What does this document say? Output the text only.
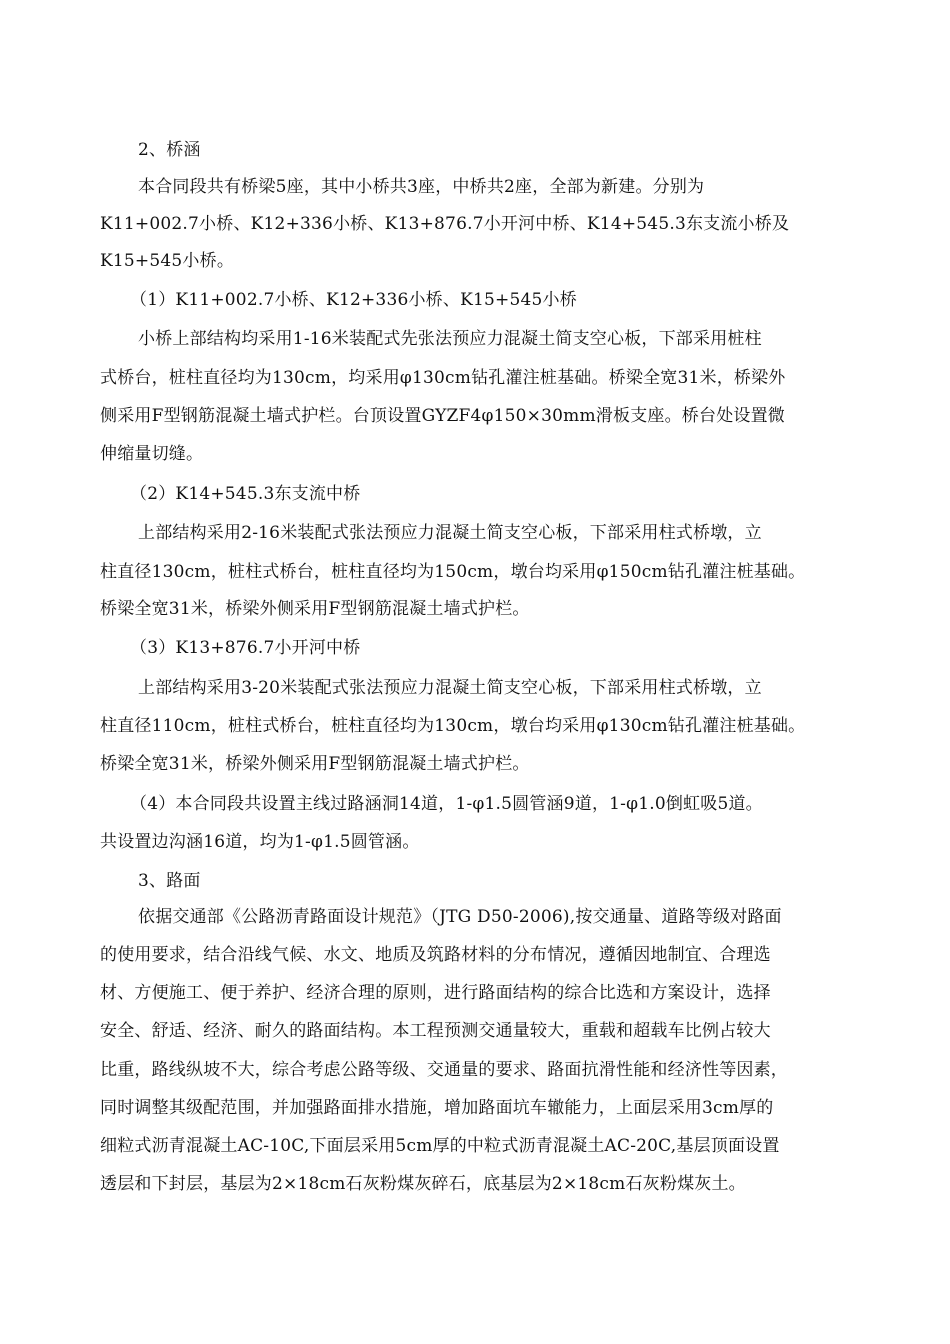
2、桥涵
本合同段共有桥梁5座，其中小桥共3座，中桥共2座，全部为新建。分别为
K11+002.7小桥、K12+336小桥、K13+876.7小开河中桥、K14+545.3东支流小桥及
K15+545小桥。
（1）K11+002.7小桥、K12+336小桥、K15+545小桥
小桥上部结构均采用1-16米装配式先张法预应力混凝土简支空心板，下部采用桩柱
式桥台，桩柱直径均为130cm，均采用φ130cm钻孔灌注桩基础。桥梁全宽31米，桥梁外
侧采用F型钢筋混凝土墙式护栏。台顶设置GYZF4φ150×30mm滑板支座。桥台处设置微
伸缩量切缝。
（2）K14+545.3东支流中桥
上部结构采用2-16米装配式张法预应力混凝土简支空心板，下部采用柱式桥墩，立
柱直径130cm，桩柱式桥台，桩柱直径均为150cm，墩台均采用φ150cm钻孔灌注桩基础。
桥梁全宽31米，桥梁外侧采用F型钢筋混凝土墙式护栏。
（3）K13+876.7小开河中桥
上部结构采用3-20米装配式张法预应力混凝土简支空心板，下部采用柱式桥墩，立
柱直径110cm，桩柱式桥台，桩柱直径均为130cm，墩台均采用φ130cm钻孔灌注桩基础。
桥梁全宽31米，桥梁外侧采用F型钢筋混凝土墙式护栏。
（4）本合同段共设置主线过路涵洞14道，1-φ1.5圆管涵9道，1-φ1.0倒虹吸5道。
共设置边沟涵16道，均为1-φ1.5圆管涵。
3、路面
依据交通部《公路沥青路面设计规范》（JTG D50-2006),按交通量、道路等级对路面
的使用要求，结合沿线气候、水文、地质及筑路材料的分布情况，遵循因地制宜、合理选
材、方便施工、便于养护、经济合理的原则，进行路面结构的综合比选和方案设计，选择
安全、舒适、经济、耐久的路面结构。本工程预测交通量较大，重载和超载车比例占较大
比重，路线纵坡不大，综合考虑公路等级、交通量的要求、路面抗滑性能和经济性等因素，
同时调整其级配范围，并加强路面排水措施，增加路面坑车辙能力，上面层采用3cm厚的
细粒式沥青混凝土AC-10C,下面层采用5cm厚的中粒式沥青混凝土AC-20C,基层顶面设置
透层和下封层，基层为2×18cm石灰粉煤灰碎石，底基层为2×18cm石灰粉煤灰土。
